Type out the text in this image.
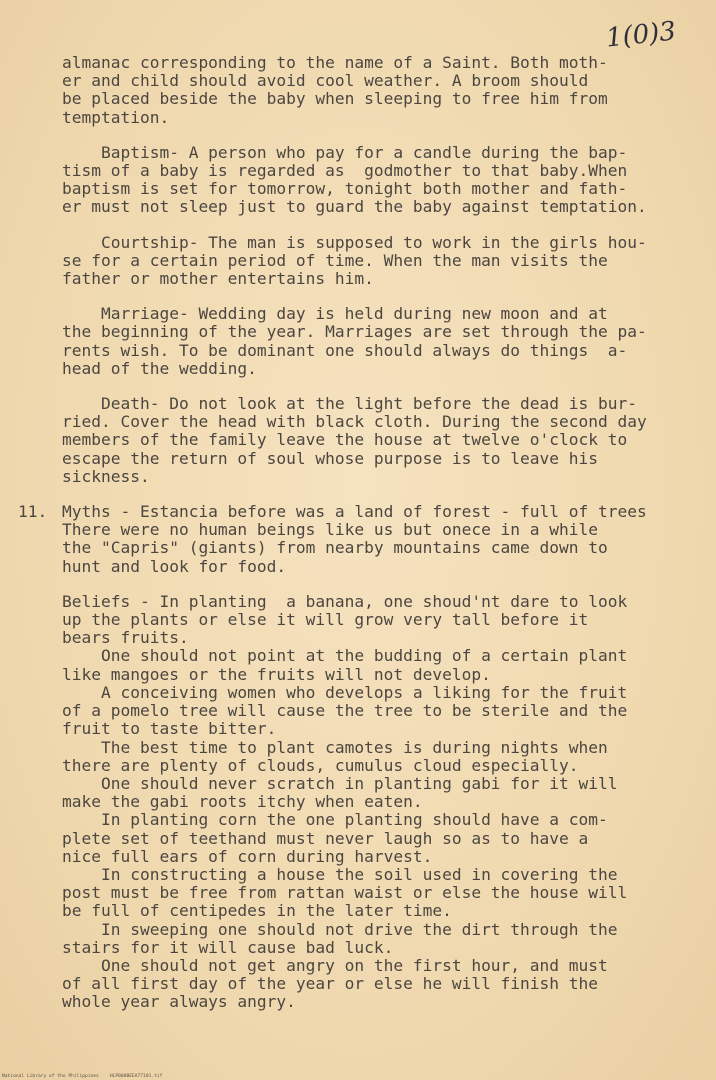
1(0)3
almanac corresponding to the name of a Saint. Both moth-
er and child should avoid cool weather. A broom should
be placed beside the baby when sleeping to free him from
temptation.
Baptism- A person who pay for a candle during the bap-
tism of a baby is regarded as  godmother to that baby.When
baptism is set for tomorrow, tonight both mother and fath-
er must not sleep just to guard the baby against temptation.
Courtship- The man is supposed to work in the girls hou-
se for a certain period of time. When the man visits the
father or mother entertains him.
Marriage- Wedding day is held during new moon and at
the beginning of the year. Marriages are set through the pa-
rents wish. To be dominant one should always do things  a-
head of the wedding.
Death- Do not look at the light before the dead is bur-
ried. Cover the head with black cloth. During the second day
members of the family leave the house at twelve o'clock to
escape the return of soul whose purpose is to leave his
sickness.
11. Myths - Estancia before was a land of forest - full of trees
There were no human beings like us but onece in a while
the "Capris" (giants) from nearby mountains came down to
hunt and look for food.
Beliefs - In planting  a banana, one shoud'nt dare to look
up the plants or else it will grow very tall before it
bears fruits.
One should not point at the budding of a certain plant
like mangoes or the fruits will not develop.
A conceiving women who develops a liking for the fruit
of a pomelo tree will cause the tree to be sterile and the
fruit to taste bitter.
The best time to plant camotes is during nights when
there are plenty of clouds, cumulus cloud especially.
One should never scratch in planting gabi for it will
make the gabi roots itchy when eaten.
In planting corn the one planting should have a com-
plete set of teethand must never laugh so as to have a
nice full ears of corn during harvest.
In constructing a house the soil used in covering the
post must be free from rattan waist or else the house will
be full of centipedes in the later time.
In sweeping one should not drive the dirt through the
stairs for it will cause bad luck.
One should not get angry on the first hour, and must
of all first day of the year or else he will finish the
whole year always angry.
National Library of the Philippines    HLP008BEEA77101.tif
